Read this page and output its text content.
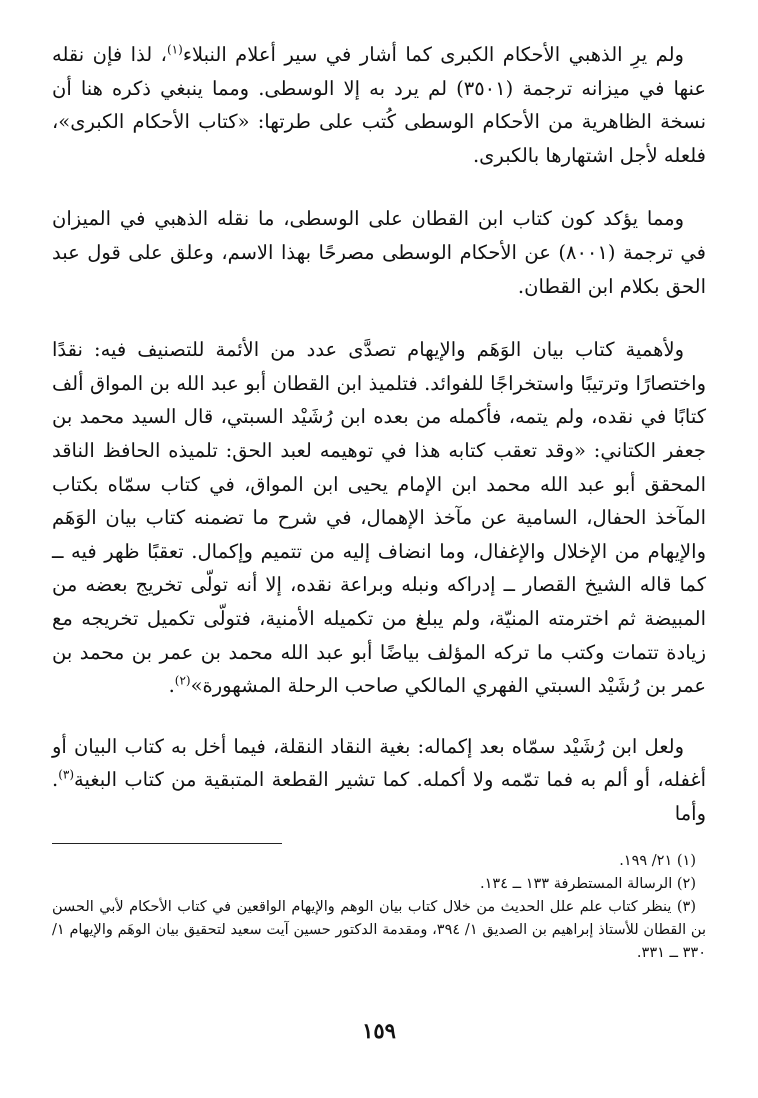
ولم يرِ الذهبي الأحكام الكبرى كما أشار في سير أعلام النبلاء$^{(١)}$، لذا فإن نقله عنها في ميزانه ترجمة (٣٥٠١) لم يرد به إلا الوسطى. ومما ينبغي ذكره هنا أن نسخة الظاهرية من الأحكام الوسطى كُتب على طرتها: «كتاب الأحكام الكبرى»، فلعله لأجل اشتهارها بالكبرى.

ومما يؤكد كون كتاب ابن القطان على الوسطى، ما نقله الذهبي في الميزان في ترجمة (٨٠٠١) عن الأحكام الوسطى مصرحًا بهذا الاسم، وعلق على قول عبد الحق بكلام ابن القطان.

ولأهمية كتاب بيان الوَهَم والإيهام تصدَّى عدد من الأئمة للتصنيف فيه: نقدًا واختصارًا وترتيبًا واستخراجًا للفوائد. فتلميذ ابن القطان أبو عبد الله بن المواق ألف كتابًا في نقده، ولم يتمه، فأكمله من بعده ابن رُشَيْد السبتي، قال السيد محمد بن جعفر الكتاني: «وقد تعقب كتابه هذا في توهيمه لعبد الحق: تلميذه الحافظ الناقد المحقق أبو عبد الله محمد ابن الإمام يحيى ابن المواق، في كتاب سمّاه بكتاب المآخذ الحفال، السامية عن مآخذ الإهمال، في شرح ما تضمنه كتاب بيان الوَهَم والإيهام من الإخلال والإغفال، وما انضاف إليه من تتميم وإكمال. تعقبًا ظهر فيه ــ كما قاله الشيخ القصار ــ إدراكه ونبله وبراعة نقده، إلا أنه تولّى تخريج بعضه من المبيضة ثم اخترمته المنيّة، ولم يبلغ من تكميله الأمنية، فتولّى تكميل تخريجه مع زيادة تتمات وكتب ما تركه المؤلف بياضًا أبو عبد الله محمد بن عمر بن محمد بن عمر بن رُشَيْد السبتي الفهري المالكي صاحب الرحلة المشهورة»$^{(٢)}$.

ولعل ابن رُشَيْد سمّاه بعد إكماله: بغية النقاد النقلة، فيما أخل به كتاب البيان أو أغفله، أو ألم به فما تمّمه ولا أكمله. كما تشير القطعة المتبقية من كتاب البغية$^{(٣)}$. وأما

(١) ٢١/ ١٩٩.

(٢) الرسالة المستطرفة ١٣٣ ــ ١٣٤.

(٣) ينظر كتاب علم علل الحديث من خلال كتاب بيان الوهم والإيهام الواقعين في كتاب الأحكام لأبي الحسن بن القطان للأستاذ إبراهيم بن الصديق ١/ ٣٩٤، ومقدمة الدكتور حسين آيت سعيد لتحقيق بيان الوهَم والإيهام ١/ ٣٣٠ ــ ٣٣١.

١٥٩
